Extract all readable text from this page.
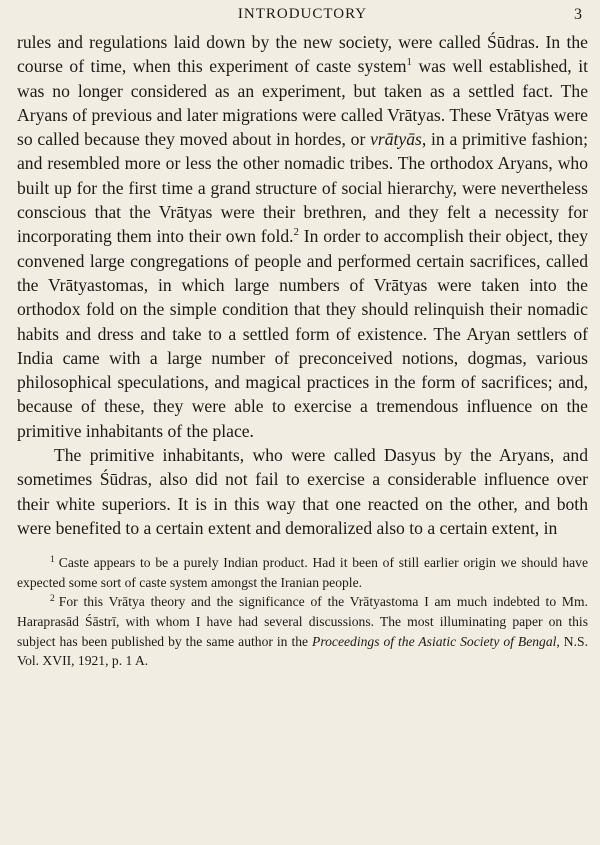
INTRODUCTORY	3

rules and regulations laid down by the new society, were called Śūdras. In the course of time, when this experiment of caste system$^1$ was well established, it was no longer considered as an experiment, but taken as a settled fact. The Aryans of previous and later migrations were called Vrātyas. These Vrātyas were so called because they moved about in hordes, or vrātyās, in a primitive fashion; and resembled more or less the other nomadic tribes. The orthodox Aryans, who built up for the first time a grand structure of social hierarchy, were nevertheless conscious that the Vrātyas were their brethren, and they felt a necessity for incorporating them into their own fold.$^2$ In order to accomplish their object, they convened large congregations of people and performed certain sacrifices, called the Vrātyastomas, in which large numbers of Vrātyas were taken into the orthodox fold on the simple condition that they should relinquish their nomadic habits and dress and take to a settled form of existence. The Aryan settlers of India came with a large number of preconceived notions, dogmas, various philosophical speculations, and magical practices in the form of sacrifices; and, because of these, they were able to exercise a tremendous influence on the primitive inhabitants of the place.

The primitive inhabitants, who were called Dasyus by the Aryans, and sometimes Śūdras, also did not fail to exercise a considerable influence over their white superiors. It is in this way that one reacted on the other, and both were benefited to a certain extent and demoralized also to a certain extent, in

$^1$ Caste appears to be a purely Indian product. Had it been of still earlier origin we should have expected some sort of caste system amongst the Iranian people.

$^2$ For this Vrātya theory and the significance of the Vrātyastoma I am much indebted to Mm. Haraprasād Śāstrī, with whom I have had several discussions. The most illuminating paper on this subject has been published by the same author in the Proceedings of the Asiatic Society of Bengal, N.S. Vol. XVII, 1921, p. 1 A.
